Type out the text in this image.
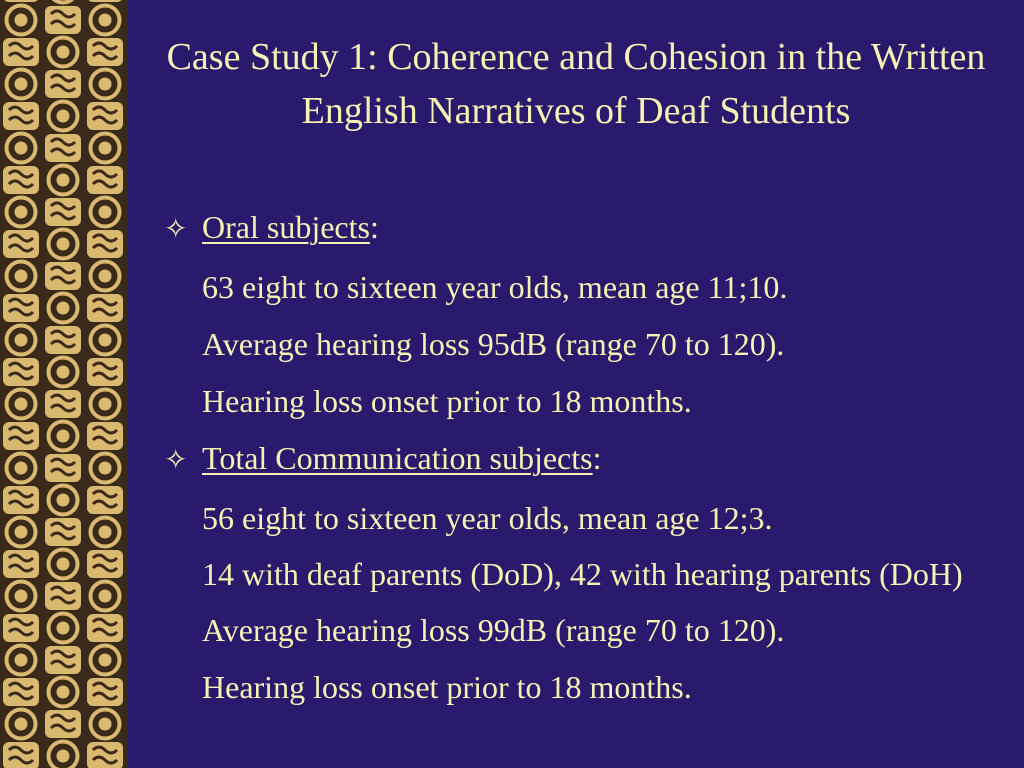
Case Study 1: Coherence and Cohesion in the Written English Narratives of Deaf Students
✧ Oral subjects:
63 eight to sixteen year olds, mean age 11;10.
Average hearing loss 95dB (range 70 to 120).
Hearing loss onset prior to 18 months.
✧ Total Communication subjects:
56 eight to sixteen year olds, mean age 12;3.
14 with deaf parents (DoD), 42 with hearing parents (DoH)
Average hearing loss 99dB (range 70 to 120).
Hearing loss onset prior to 18 months.
